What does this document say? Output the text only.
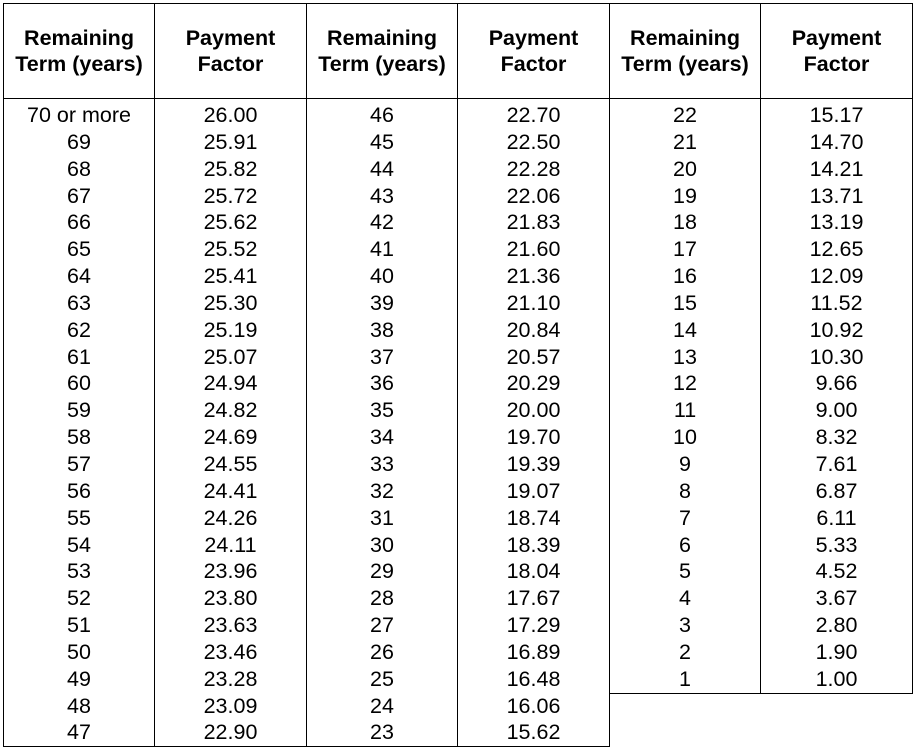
Remaining Term (years)	Payment Factor
70 or more	26.00
69	25.91
68	25.82
67	25.72
66	25.62
65	25.52
64	25.41
63	25.30
62	25.19
61	25.07
60	24.94
59	24.82
58	24.69
57	24.55
56	24.41
55	24.26
54	24.11
53	23.96
52	23.80
51	23.63
50	23.46
49	23.28
48	23.09
47	22.90
Remaining Term (years)	Payment Factor
46	22.70
45	22.50
44	22.28
43	22.06
42	21.83
41	21.60
40	21.36
39	21.10
38	20.84
37	20.57
36	20.29
35	20.00
34	19.70
33	19.39
32	19.07
31	18.74
30	18.39
29	18.04
28	17.67
27	17.29
26	16.89
25	16.48
24	16.06
23	15.62
Remaining Term (years)	Payment Factor
22	15.17
21	14.70
20	14.21
19	13.71
18	13.19
17	12.65
16	12.09
15	11.52
14	10.92
13	10.30
12	9.66
11	9.00
10	8.32
9	7.61
8	6.87
7	6.11
6	5.33
5	4.52
4	3.67
3	2.80
2	1.90
1	1.00
